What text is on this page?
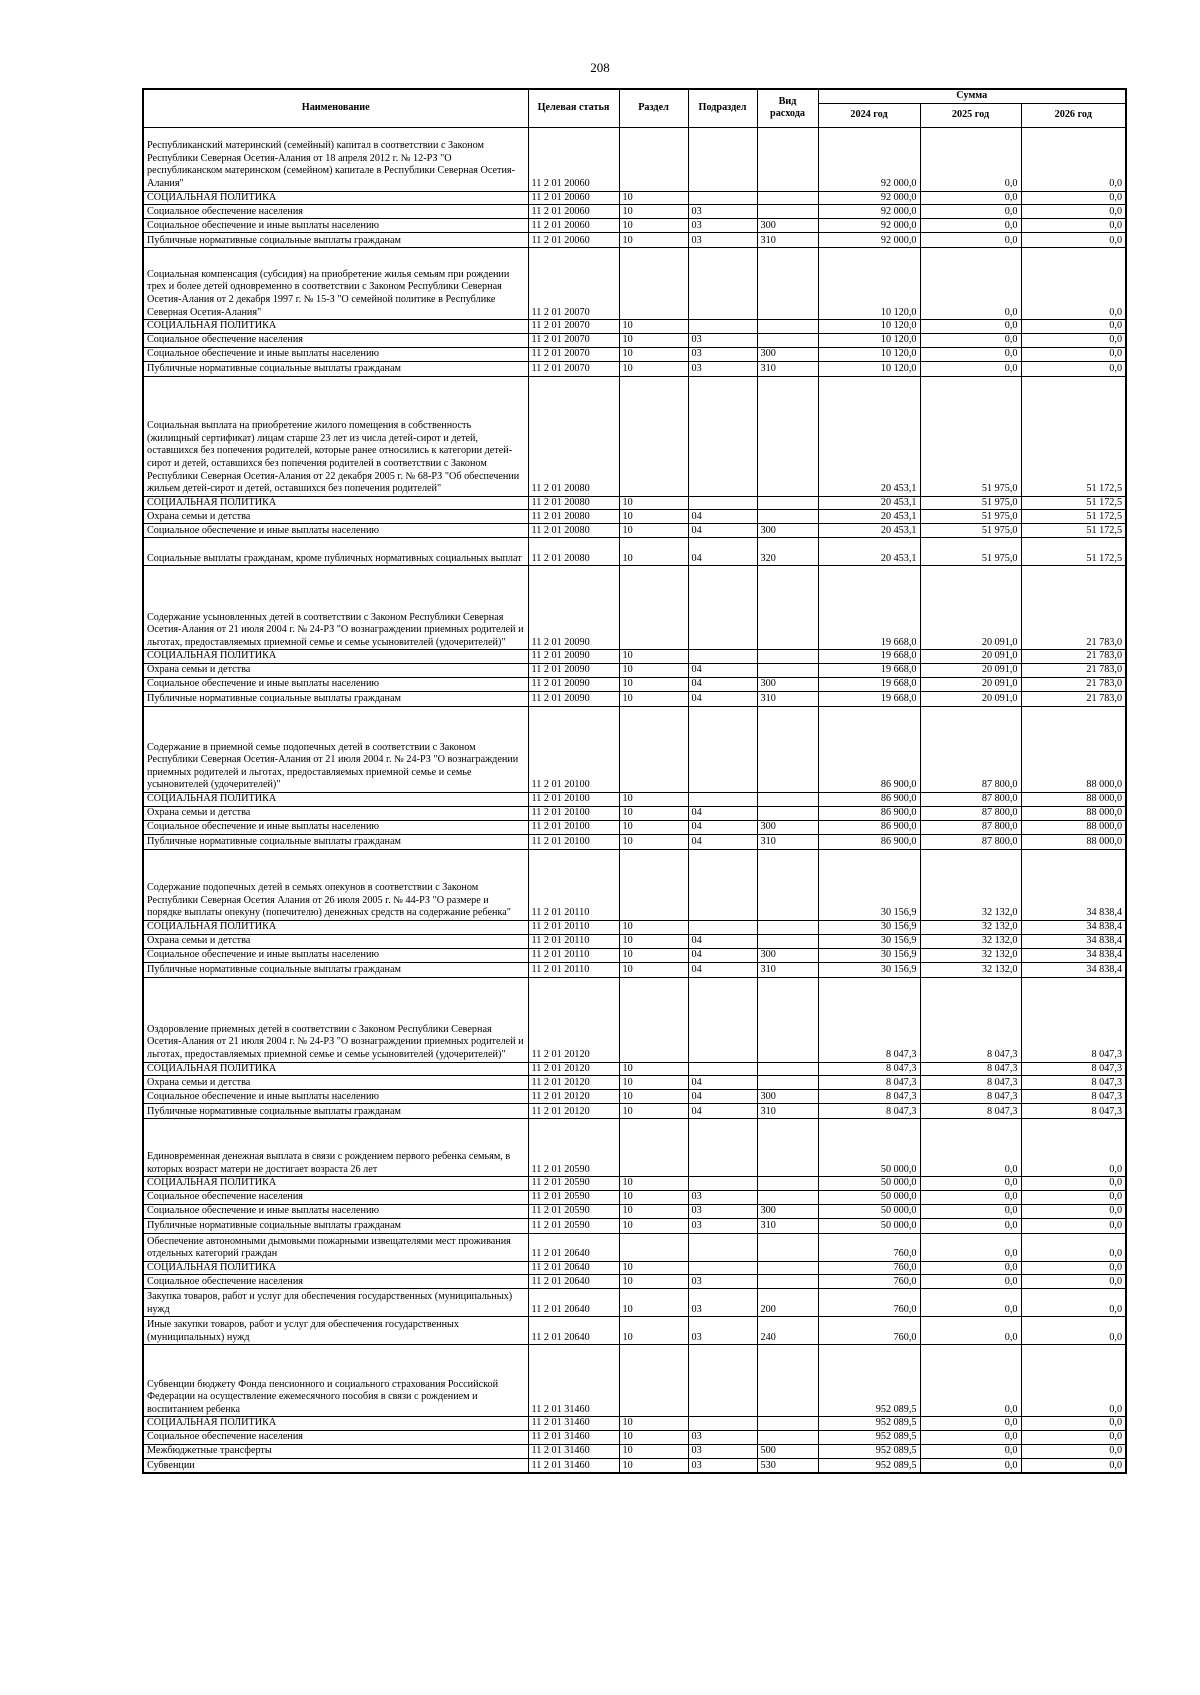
208
Наименование	Целевая статья	Раздел	Подраздел	Вид расхода	Сумма		
					2024 год	2025 год	2026 год
Республиканский материнский (семейный) капитал в соответствии с Законом Республики Северная Осетия-Алания от 18 апреля 2012 г. № 12-РЗ "О республиканском материнском (семейном) капитале в Республики Северная Осетия-Алания"	11 2 01 20060				92 000,0	0,0	0,0
СОЦИАЛЬНАЯ ПОЛИТИКА	11 2 01 20060	10			92 000,0	0,0	0,0
Социальное обеспечение населения	11 2 01 20060	10	03		92 000,0	0,0	0,0
Социальное обеспечение и иные выплаты населению	11 2 01 20060	10	03	300	92 000,0	0,0	0,0
Публичные нормативные социальные выплаты гражданам	11 2 01 20060	10	03	310	92 000,0	0,0	0,0
Социальная компенсация (субсидия) на приобретение жилья семьям при рождении трех и более детей одновременно в соответствии с Законом Республики Северная Осетия-Алания от 2 декабря 1997 г. № 15-З "О семейной политике в Республике Северная Осетия-Алания"	11 2 01 20070				10 120,0	0,0	0,0
СОЦИАЛЬНАЯ ПОЛИТИКА	11 2 01 20070	10			10 120,0	0,0	0,0
Социальное обеспечение населения	11 2 01 20070	10	03		10 120,0	0,0	0,0
Социальное обеспечение и иные выплаты населению	11 2 01 20070	10	03	300	10 120,0	0,0	0,0
Публичные нормативные социальные выплаты гражданам	11 2 01 20070	10	03	310	10 120,0	0,0	0,0
Социальная выплата на приобретение жилого помещения в собственность (жилищный сертификат) лицам старше 23 лет из числа детей-сирот и детей, оставшихся без попечения родителей, которые ранее относились к категории детей-сирот и детей, оставшихся без попечения родителей в соответствии с Законом Республики Северная Осетия-Алания от 22 декабря 2005 г. № 68-РЗ "Об обеспечении жильем детей-сирот и детей, оставшихся без попечения родителей"	11 2 01 20080				20 453,1	51 975,0	51 172,5
СОЦИАЛЬНАЯ ПОЛИТИКА	11 2 01 20080	10			20 453,1	51 975,0	51 172,5
Охрана семьи и детства	11 2 01 20080	10	04		20 453,1	51 975,0	51 172,5
Социальное обеспечение и иные выплаты населению	11 2 01 20080	10	04	300	20 453,1	51 975,0	51 172,5
Социальные выплаты гражданам, кроме публичных нормативных социальных выплат	11 2 01 20080	10	04	320	20 453,1	51 975,0	51 172,5
Содержание усыновленных детей в соответствии с Законом Республики Северная Осетия-Алания от 21 июля 2004 г. № 24-РЗ "О вознаграждении приемных родителей и льготах, предоставляемых приемной семье и семье усыновителей (удочерителей)"	11 2 01 20090				19 668,0	20 091,0	21 783,0
СОЦИАЛЬНАЯ ПОЛИТИКА	11 2 01 20090	10			19 668,0	20 091,0	21 783,0
Охрана семьи и детства	11 2 01 20090	10	04		19 668,0	20 091,0	21 783,0
Социальное обеспечение и иные выплаты населению	11 2 01 20090	10	04	300	19 668,0	20 091,0	21 783,0
Публичные нормативные социальные выплаты гражданам	11 2 01 20090	10	04	310	19 668,0	20 091,0	21 783,0
Содержание в приемной семье подопечных детей в соответствии с Законом Республики Северная Осетия-Алания от 21 июля 2004 г. № 24-РЗ "О вознаграждении приемных родителей и льготах, предоставляемых приемной семье и семье усыновителей (удочерителей)"	11 2 01 20100				86 900,0	87 800,0	88 000,0
СОЦИАЛЬНАЯ ПОЛИТИКА	11 2 01 20100	10			86 900,0	87 800,0	88 000,0
Охрана семьи и детства	11 2 01 20100	10	04		86 900,0	87 800,0	88 000,0
Социальное обеспечение и иные выплаты населению	11 2 01 20100	10	04	300	86 900,0	87 800,0	88 000,0
Публичные нормативные социальные выплаты гражданам	11 2 01 20100	10	04	310	86 900,0	87 800,0	88 000,0
Содержание подопечных детей в семьях опекунов в соответствии с Законом Республики Северная Осетия Алания от 26 июля 2005 г. № 44-РЗ "О размере и порядке выплаты опекуну (попечителю) денежных средств на содержание ребенка"	11 2 01 20110				30 156,9	32 132,0	34 838,4
СОЦИАЛЬНАЯ ПОЛИТИКА	11 2 01 20110	10			30 156,9	32 132,0	34 838,4
Охрана семьи и детства	11 2 01 20110	10	04		30 156,9	32 132,0	34 838,4
Социальное обеспечение и иные выплаты населению	11 2 01 20110	10	04	300	30 156,9	32 132,0	34 838,4
Публичные нормативные социальные выплаты гражданам	11 2 01 20110	10	04	310	30 156,9	32 132,0	34 838,4
Оздоровление приемных детей в соответствии с Законом Республики Северная Осетия-Алания от 21 июля 2004 г. № 24-РЗ "О вознаграждении приемных родителей и льготах, предоставляемых приемной семье и семье усыновителей (удочерителей)"	11 2 01 20120				8 047,3	8 047,3	8 047,3
СОЦИАЛЬНАЯ ПОЛИТИКА	11 2 01 20120	10			8 047,3	8 047,3	8 047,3
Охрана семьи и детства	11 2 01 20120	10	04		8 047,3	8 047,3	8 047,3
Социальное обеспечение и иные выплаты населению	11 2 01 20120	10	04	300	8 047,3	8 047,3	8 047,3
Публичные нормативные социальные выплаты гражданам	11 2 01 20120	10	04	310	8 047,3	8 047,3	8 047,3
Единовременная денежная выплата в связи с рождением первого ребенка семьям, в которых возраст матери не достигает возраста 26 лет	11 2 01 20590				50 000,0	0,0	0,0
СОЦИАЛЬНАЯ ПОЛИТИКА	11 2 01 20590	10			50 000,0	0,0	0,0
Социальное обеспечение населения	11 2 01 20590	10	03		50 000,0	0,0	0,0
Социальное обеспечение и иные выплаты населению	11 2 01 20590	10	03	300	50 000,0	0,0	0,0
Публичные нормативные социальные выплаты гражданам	11 2 01 20590	10	03	310	50 000,0	0,0	0,0
Обеспечение автономными дымовыми пожарными извещателями мест проживания отдельных категорий граждан	11 2 01 20640				760,0	0,0	0,0
СОЦИАЛЬНАЯ ПОЛИТИКА	11 2 01 20640	10			760,0	0,0	0,0
Социальное обеспечение населения	11 2 01 20640	10	03		760,0	0,0	0,0
Закупка товаров, работ и услуг для обеспечения государственных (муниципальных) нужд	11 2 01 20640	10	03	200	760,0	0,0	0,0
Иные закупки товаров, работ и услуг для обеспечения государственных (муниципальных) нужд	11 2 01 20640	10	03	240	760,0	0,0	0,0
Субвенции бюджету Фонда пенсионного и социального страхования Российской Федерации на осуществление ежемесячного пособия в связи с рождением и воспитанием ребенка	11 2 01 31460				952 089,5	0,0	0,0
СОЦИАЛЬНАЯ ПОЛИТИКА	11 2 01 31460	10			952 089,5	0,0	0,0
Социальное обеспечение населения	11 2 01 31460	10	03		952 089,5	0,0	0,0
Межбюджетные трансферты	11 2 01 31460	10	03	500	952 089,5	0,0	0,0
Субвенции	11 2 01 31460	10	03	530	952 089,5	0,0	0,0
